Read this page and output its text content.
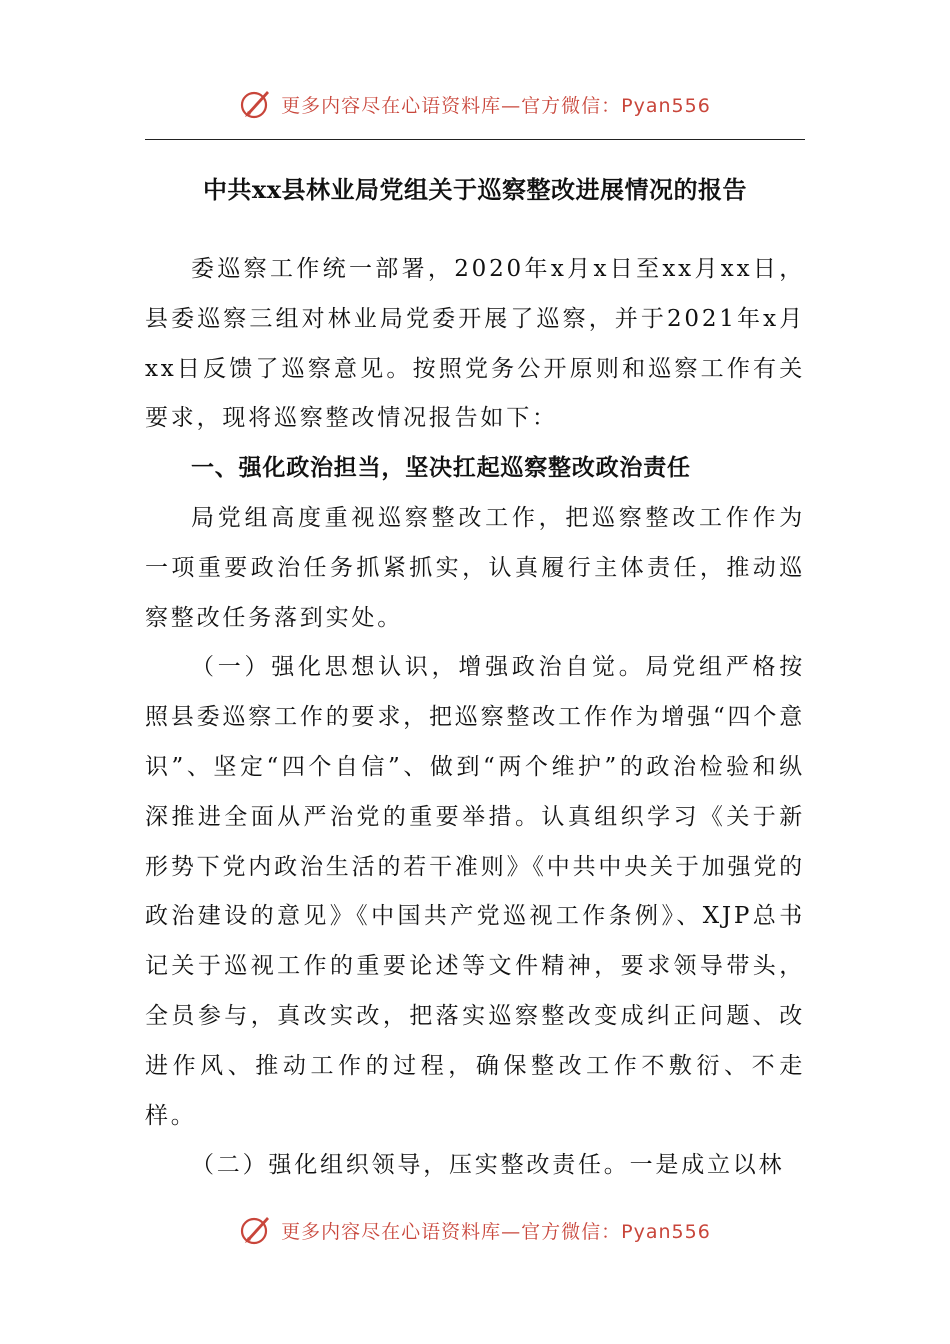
更多内容尽在心语资料库—官方微信：Pyan556
中共xx县林业局党组关于巡察整改进展情况的报告

委巡察工作统一部署，2020年x月x日至xx月xx日，县委巡察三组对林业局党委开展了巡察，并于2021年x月xx日反馈了巡察意见。按照党务公开原则和巡察工作有关要求，现将巡察整改情况报告如下：

一、强化政治担当，坚决扛起巡察整改政治责任

局党组高度重视巡察整改工作，把巡察整改工作作为一项重要政治任务抓紧抓实，认真履行主体责任，推动巡察整改任务落到实处。

（一）强化思想认识，增强政治自觉。局党组严格按照县委巡察工作的要求，把巡察整改工作作为增强“四个意识”、坚定“四个自信”、做到“两个维护”的政治检验和纵深推进全面从严治党的重要举措。认真组织学习《关于新形势下党内政治生活的若干准则》《中共中央关于加强党的政治建设的意见》《中国共产党巡视工作条例》、XJP总书记关于巡视工作的重要论述等文件精神，要求领导带头，全员参与，真改实改，把落实巡察整改变成纠正问题、改进作风、推动工作的过程，确保整改工作不敷衍、不走样。

（二）强化组织领导，压实整改责任。一是成立以林

更多内容尽在心语资料库—官方微信：Pyan556
